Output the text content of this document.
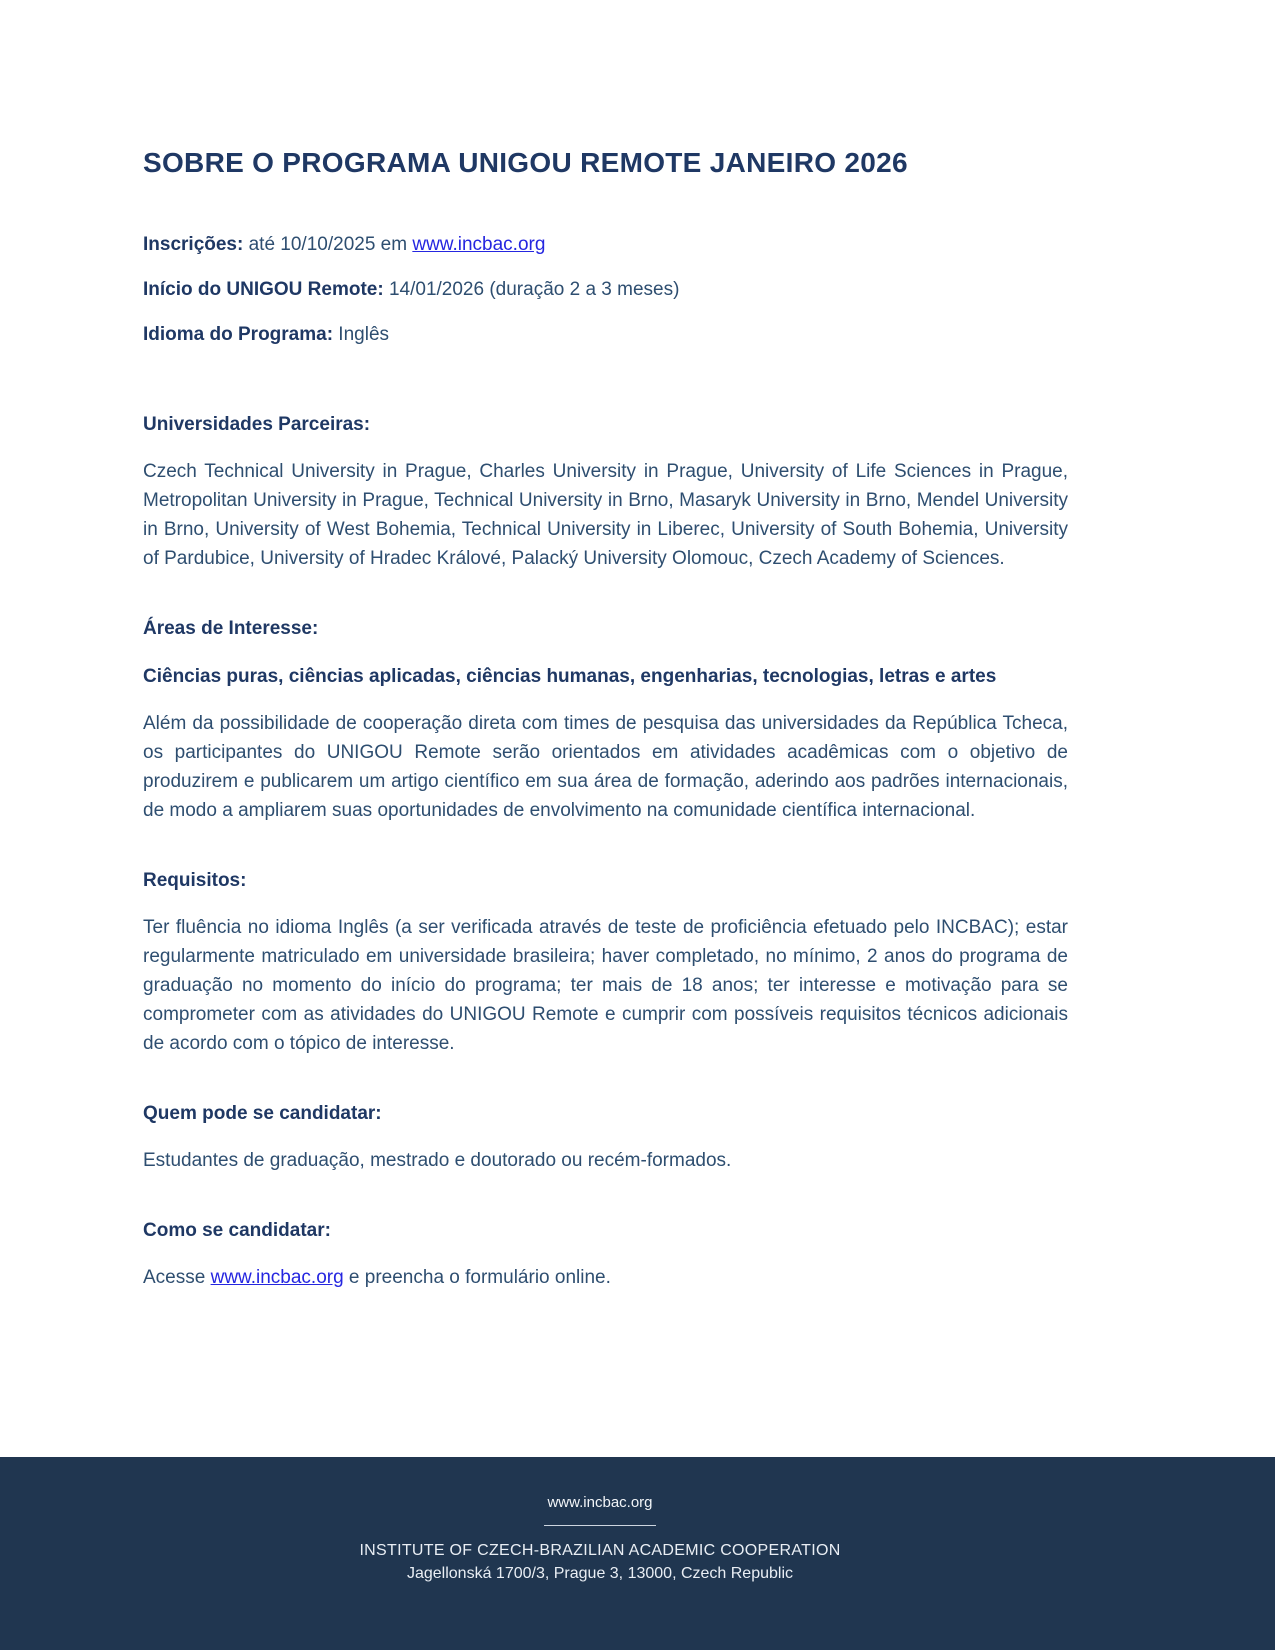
SOBRE O PROGRAMA UNIGOU REMOTE JANEIRO 2026

Inscrições: até 10/10/2025 em www.incbac.org

Início do UNIGOU Remote: 14/01/2026 (duração 2 a 3 meses)

Idioma do Programa: Inglês

Universidades Parceiras:

Czech Technical University in Prague, Charles University in Prague, University of Life Sciences in Prague, Metropolitan University in Prague, Technical University in Brno, Masaryk University in Brno, Mendel University in Brno, University of West Bohemia, Technical University in Liberec, University of South Bohemia, University of Pardubice, University of Hradec Králové, Palacký University Olomouc, Czech Academy of Sciences.

Áreas de Interesse:

Ciências puras, ciências aplicadas, ciências humanas, engenharias, tecnologias, letras e artes

Além da possibilidade de cooperação direta com times de pesquisa das universidades da República Tcheca, os participantes do UNIGOU Remote serão orientados em atividades acadêmicas com o objetivo de produzirem e publicarem um artigo científico em sua área de formação, aderindo aos padrões internacionais, de modo a ampliarem suas oportunidades de envolvimento na comunidade científica internacional.

Requisitos:

Ter fluência no idioma Inglês (a ser verificada através de teste de proficiência efetuado pelo INCBAC); estar regularmente matriculado em universidade brasileira; haver completado, no mínimo, 2 anos do programa de graduação no momento do início do programa; ter mais de 18 anos; ter interesse e motivação para se comprometer com as atividades do UNIGOU Remote e cumprir com possíveis requisitos técnicos adicionais de acordo com o tópico de interesse.

Quem pode se candidatar:

Estudantes de graduação, mestrado e doutorado ou recém-formados.

Como se candidatar:

Acesse www.incbac.org e preencha o formulário online.

www.incbac.org
INSTITUTE OF CZECH-BRAZILIAN ACADEMIC COOPERATION
Jagellonská 1700/3, Prague 3, 13000, Czech Republic
